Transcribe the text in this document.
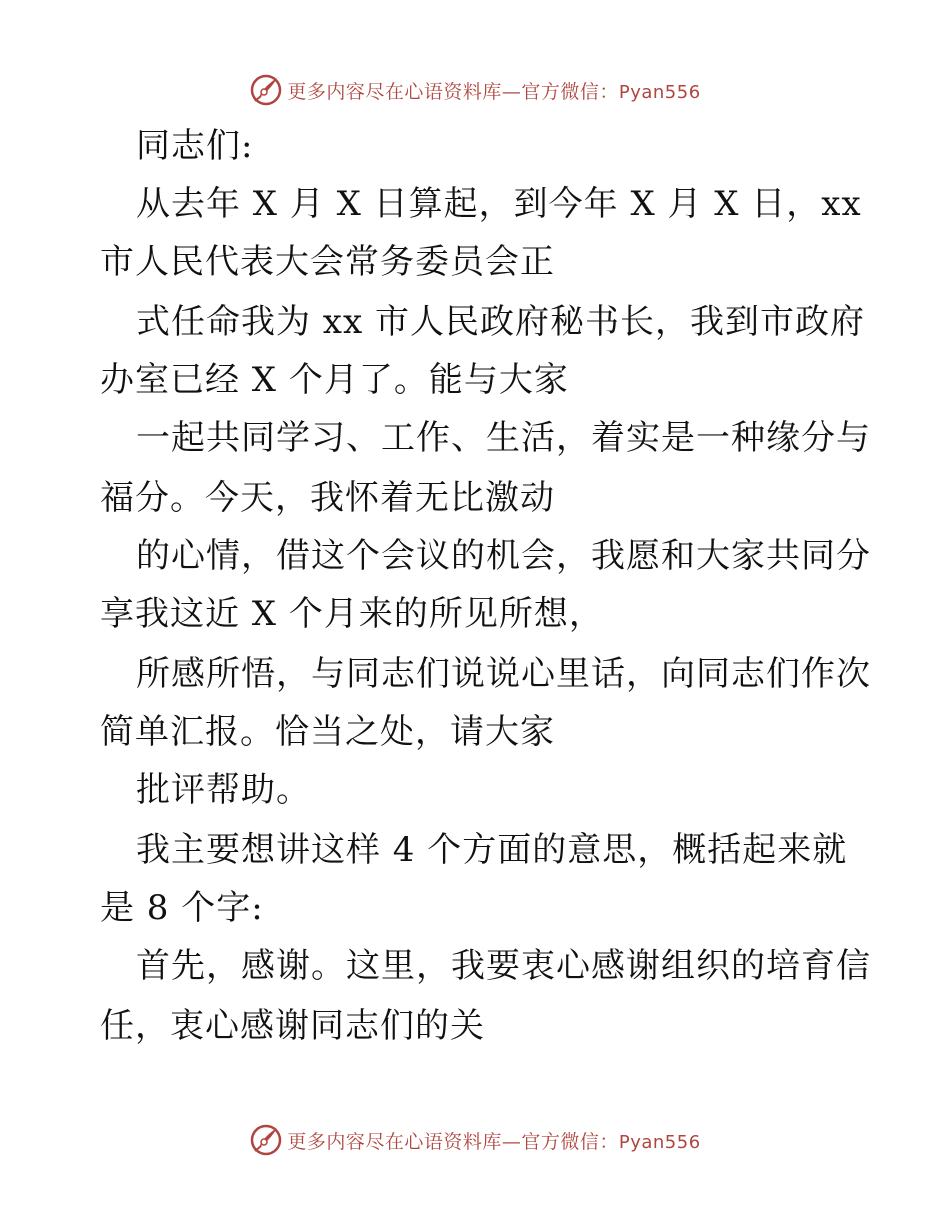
更多内容尽在心语资料库—官方微信：Pyan556
同志们:
从去年 X 月 X 日算起，到今年 X 月 X 日，xx
市人民代表大会常务委员会正
式任命我为 xx 市人民政府秘书长，我到市政府
办室已经 X 个月了。能与大家
一起共同学习、工作、生活，着实是一种缘分与
福分。今天，我怀着无比激动
的心情，借这个会议的机会，我愿和大家共同分
享我这近 X 个月来的所见所想，
所感所悟，与同志们说说心里话，向同志们作次
简单汇报。恰当之处，请大家
批评帮助。
我主要想讲这样 4 个方面的意思，概括起来就
是 8 个字:
首先，感谢。这里，我要衷心感谢组织的培育信
任，衷心感谢同志们的关
更多内容尽在心语资料库—官方微信：Pyan556
